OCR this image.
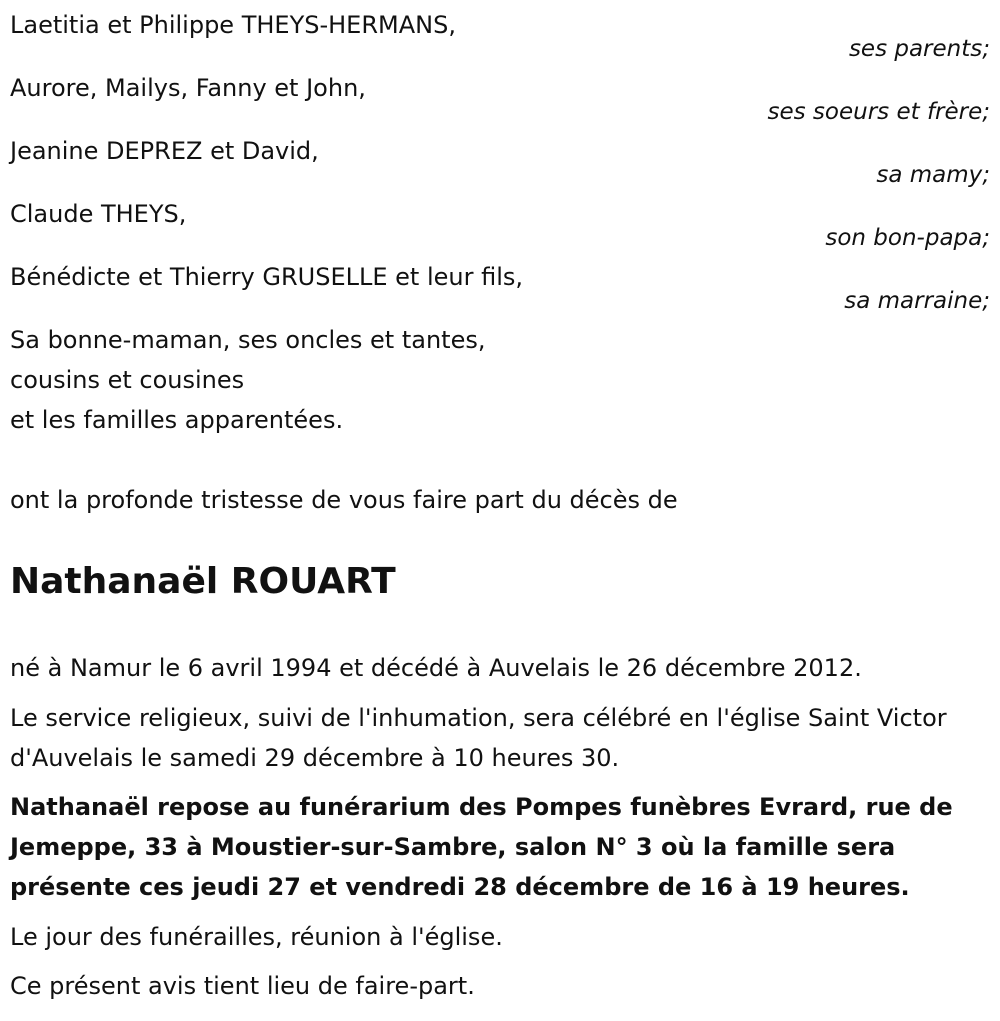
Laetitia et Philippe THEYS-HERMANS,
ses parents;
Aurore, Mailys, Fanny et John,
ses soeurs et frère;
Jeanine DEPREZ et David,
sa mamy;
Claude THEYS,
son bon-papa;
Bénédicte et Thierry GRUSELLE et leur fils,
sa marraine;
Sa bonne-maman, ses oncles et tantes,
cousins et cousines
et les familles apparentées.
ont la profonde tristesse de vous faire part du décès de
Nathanaël ROUART
né à Namur le 6 avril 1994 et décédé à Auvelais le 26 décembre 2012.
Le service religieux, suivi de l'inhumation, sera célébré en l'église Saint Victor d'Auvelais le samedi 29 décembre à 10 heures 30.
Nathanaël repose au funérarium des Pompes funèbres Evrard, rue de Jemeppe, 33 à Moustier-sur-Sambre, salon N° 3 où la famille sera présente ces jeudi 27 et vendredi 28 décembre de 16 à 19 heures.
Le jour des funérailles, réunion à l'église.
Ce présent avis tient lieu de faire-part.
